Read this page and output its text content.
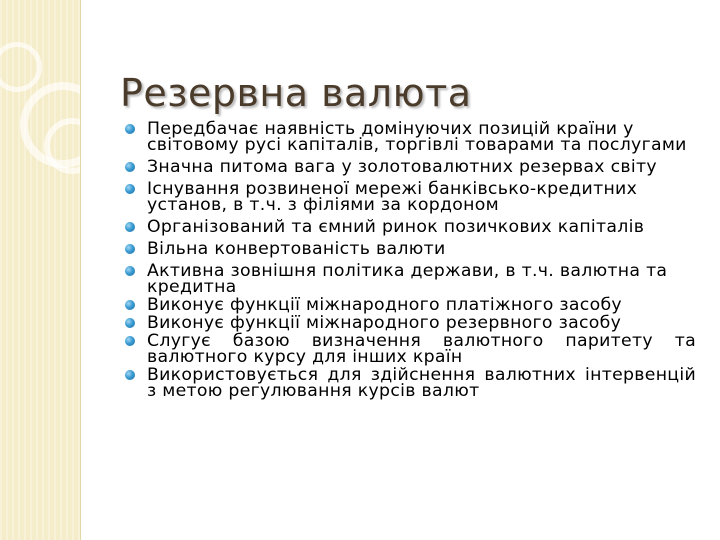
Резервна валюта
Передбачає наявність домінуючих позицій країни у світовому русі капіталів, торгівлі товарами та послугами
Значна питома вага у золотовалютних резервах світу
Існування розвиненої мережі банківсько-кредитних установ, в т.ч. з філіями за кордоном
Організований та ємний ринок позичкових капіталів
Вільна конвертованість валюти
Активна зовнішня політика держави, в т.ч. валютна та кредитна
Виконує функції міжнародного платіжного засобу
Виконує функції міжнародного резервного засобу
Слугує базою визначення валютного паритету та валютного курсу для інших країн
Використовується для здійснення валютних інтервенцій з метою регулювання курсів валют
